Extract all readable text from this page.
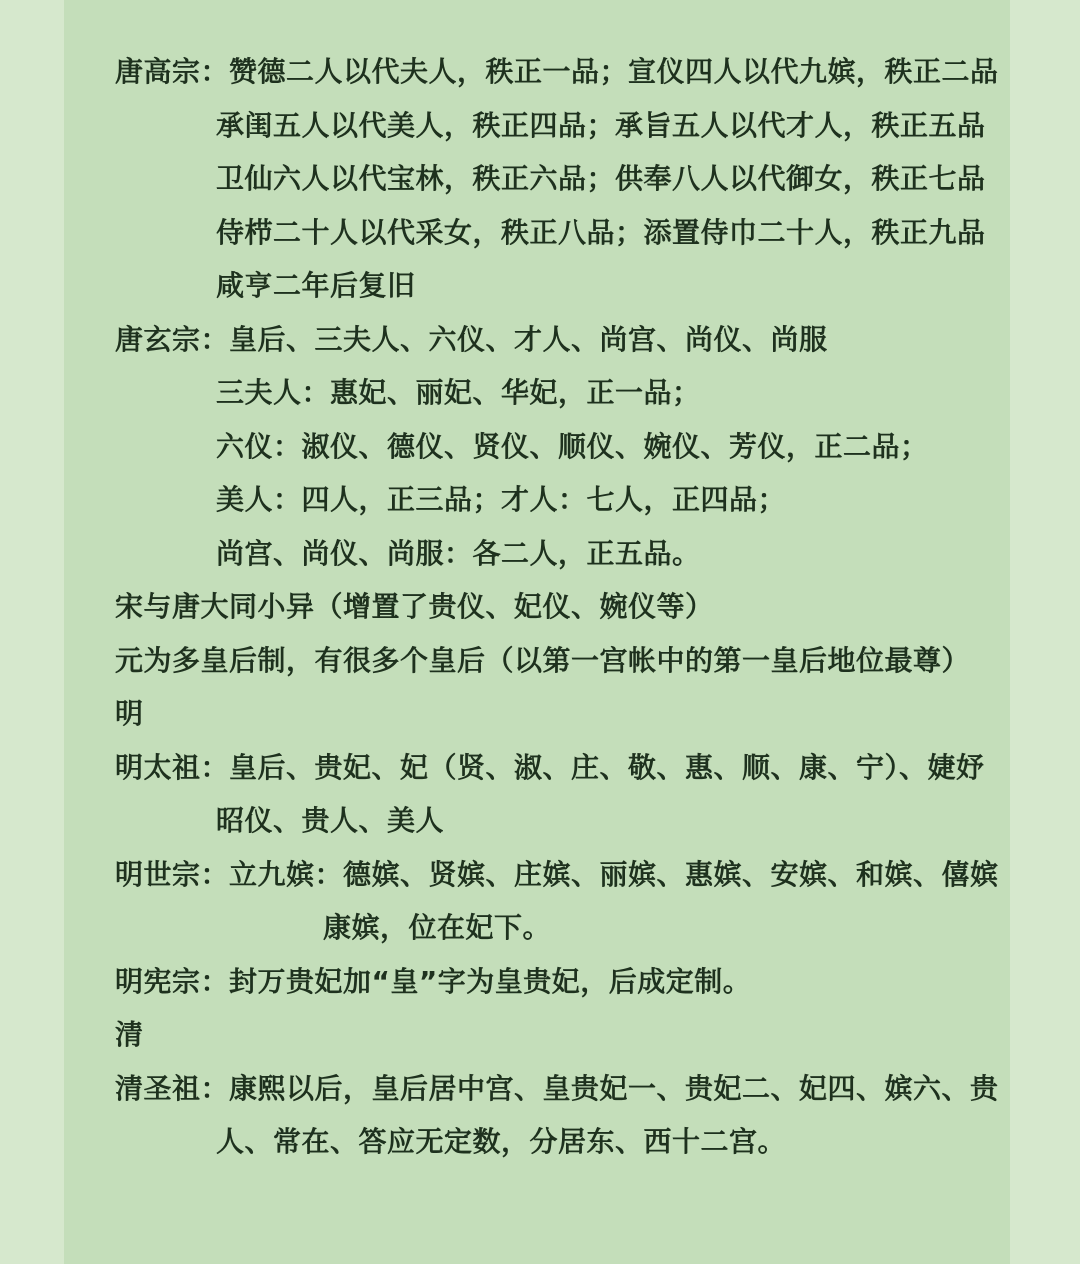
唐高宗：赞德二人以代夫人，秩正一品；宣仪四人以代九嫔，秩正二品
承闺五人以代美人，秩正四品；承旨五人以代才人，秩正五品
卫仙六人以代宝林，秩正六品；供奉八人以代御女，秩正七品
侍栉二十人以代采女，秩正八品；添置侍巾二十人，秩正九品
咸亨二年后复旧
唐玄宗：皇后、三夫人、六仪、才人、尚宫、尚仪、尚服
三夫人：惠妃、丽妃、华妃，正一品；
六仪：淑仪、德仪、贤仪、顺仪、婉仪、芳仪，正二品；
美人：四人，正三品；才人：七人，正四品；
尚宫、尚仪、尚服：各二人，正五品。
宋与唐大同小异（增置了贵仪、妃仪、婉仪等）
元为多皇后制，有很多个皇后（以第一宫帐中的第一皇后地位最尊）
明
明太祖：皇后、贵妃、妃（贤、淑、庄、敬、惠、顺、康、宁）、婕妤
昭仪、贵人、美人
明世宗：立九嫔：德嫔、贤嫔、庄嫔、丽嫔、惠嫔、安嫔、和嫔、僖嫔
康嫔，位在妃下。
明宪宗：封万贵妃加“皇”字为皇贵妃，后成定制。
清
清圣祖：康熙以后，皇后居中宫、皇贵妃一、贵妃二、妃四、嫔六、贵
人、常在、答应无定数，分居东、西十二宫。
